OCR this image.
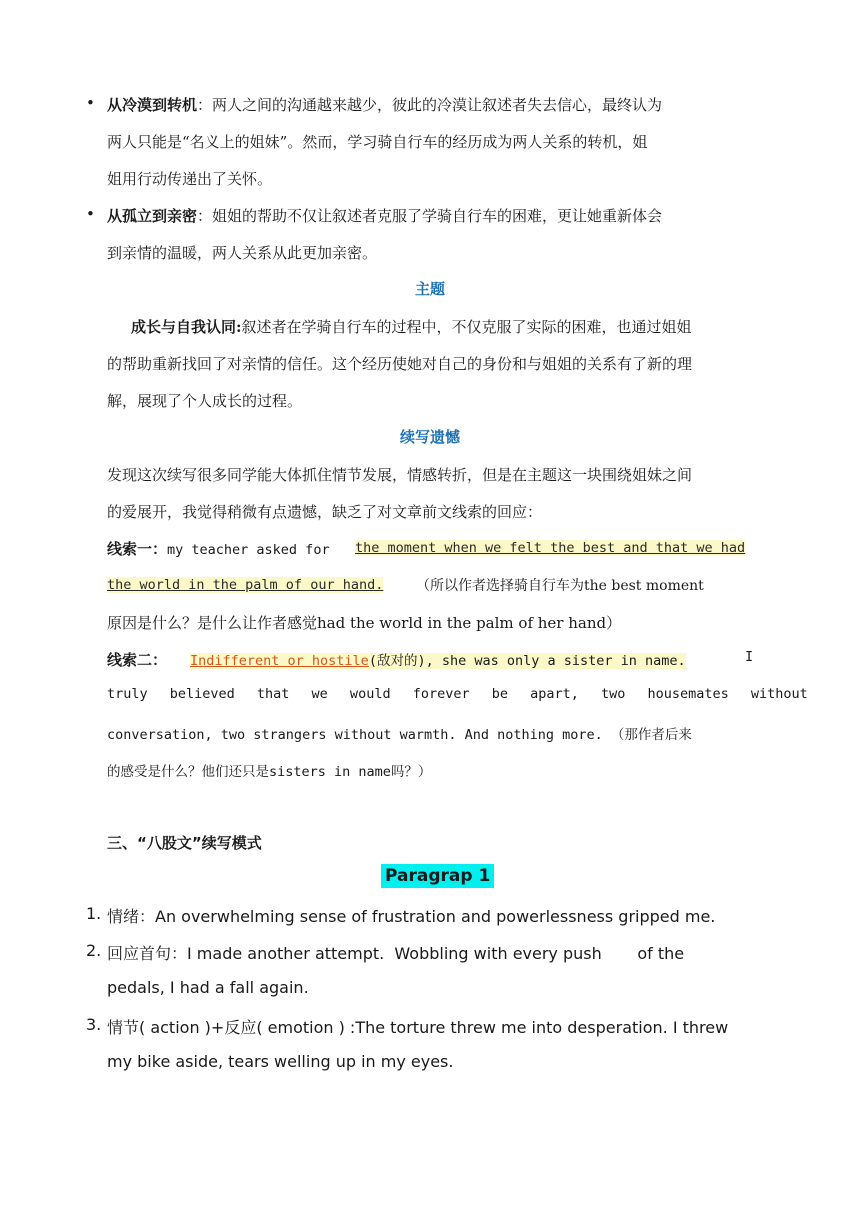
• 从冷漠到转机：两人之间的沟通越来越少，彼此的冷漠让叙述者失去信心，最终认为
两人只能是“名义上的姐妹”。然而，学习骑自行车的经历成为两人关系的转机，姐
姐用行动传递出了关怀。
• 从孤立到亲密：姐姐的帮助不仅让叙述者克服了学骑自行车的困难，更让她重新体会
到亲情的温暖，两人关系从此更加亲密。
主题
成长与自我认同:叙述者在学骑自行车的过程中，不仅克服了实际的困难，也通过姐姐
的帮助重新找回了对亲情的信任。这个经历使她对自己的身份和与姐姐的关系有了新的理
解，展现了个人成长的过程。
续写遗憾
发现这次续写很多同学能大体抓住情节发展，情感转折，但是在主题这一块围绕姐妹之间
的爱展开，我觉得稍微有点遗憾，缺乏了对文章前文线索的回应：
线索一：my teacher asked for the moment when we felt the best and that we had
the world in the palm of our hand. （所以作者选择骑自行车为the best moment
原因是什么？是什么让作者感觉had the world in the palm of her hand）
线索二： Indifferent or hostile(敌对的), she was only a sister in name.	I
truly believed that we would forever be apart, two housemates without
conversation, two strangers without warmth. And nothing more. （那作者后来
的感受是什么？他们还只是sisters in name吗？）
三、“八股文”续写模式
Paragrap 1
1. 情绪：An overwhelming sense of frustration and powerlessness gripped me.
2. 回应首句：I made another attempt.  Wobbling with every push       of the
pedals, I had a fall again.
3. 情节( action )+反应( emotion ) :The torture threw me into desperation. I threw
my bike aside, tears welling up in my eyes.
